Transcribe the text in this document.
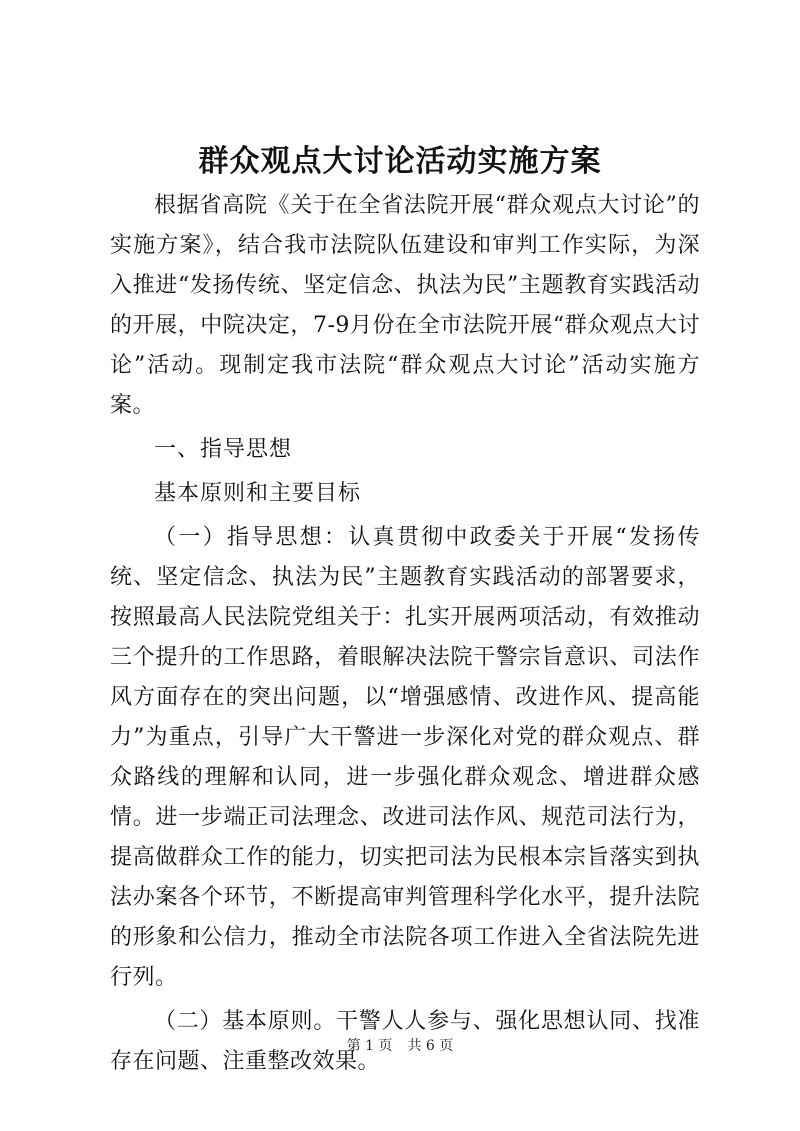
群众观点大讨论活动实施方案

根据省高院《关于在全省法院开展“群众观点大讨论”的实施方案》，结合我市法院队伍建设和审判工作实际，为深入推进“发扬传统、坚定信念、执法为民”主题教育实践活动的开展，中院决定，7-9月份在全市法院开展“群众观点大讨论”活动。现制定我市法院“群众观点大讨论”活动实施方案。

一、指导思想

基本原则和主要目标

（一）指导思想：认真贯彻中政委关于开展“发扬传统、坚定信念、执法为民”主题教育实践活动的部署要求，按照最高人民法院党组关于：扎实开展两项活动，有效推动三个提升的工作思路，着眼解决法院干警宗旨意识、司法作风方面存在的突出问题，以“增强感情、改进作风、提高能力”为重点，引导广大干警进一步深化对党的群众观点、群众路线的理解和认同，进一步强化群众观念、增进群众感情。进一步端正司法理念、改进司法作风、规范司法行为，提高做群众工作的能力，切实把司法为民根本宗旨落实到执法办案各个环节，不断提高审判管理科学化水平，提升法院的形象和公信力，推动全市法院各项工作进入全省法院先进行列。

（二）基本原则。干警人人参与、强化思想认同、找准存在问题、注重整改效果。

第 1 页 共 6 页
